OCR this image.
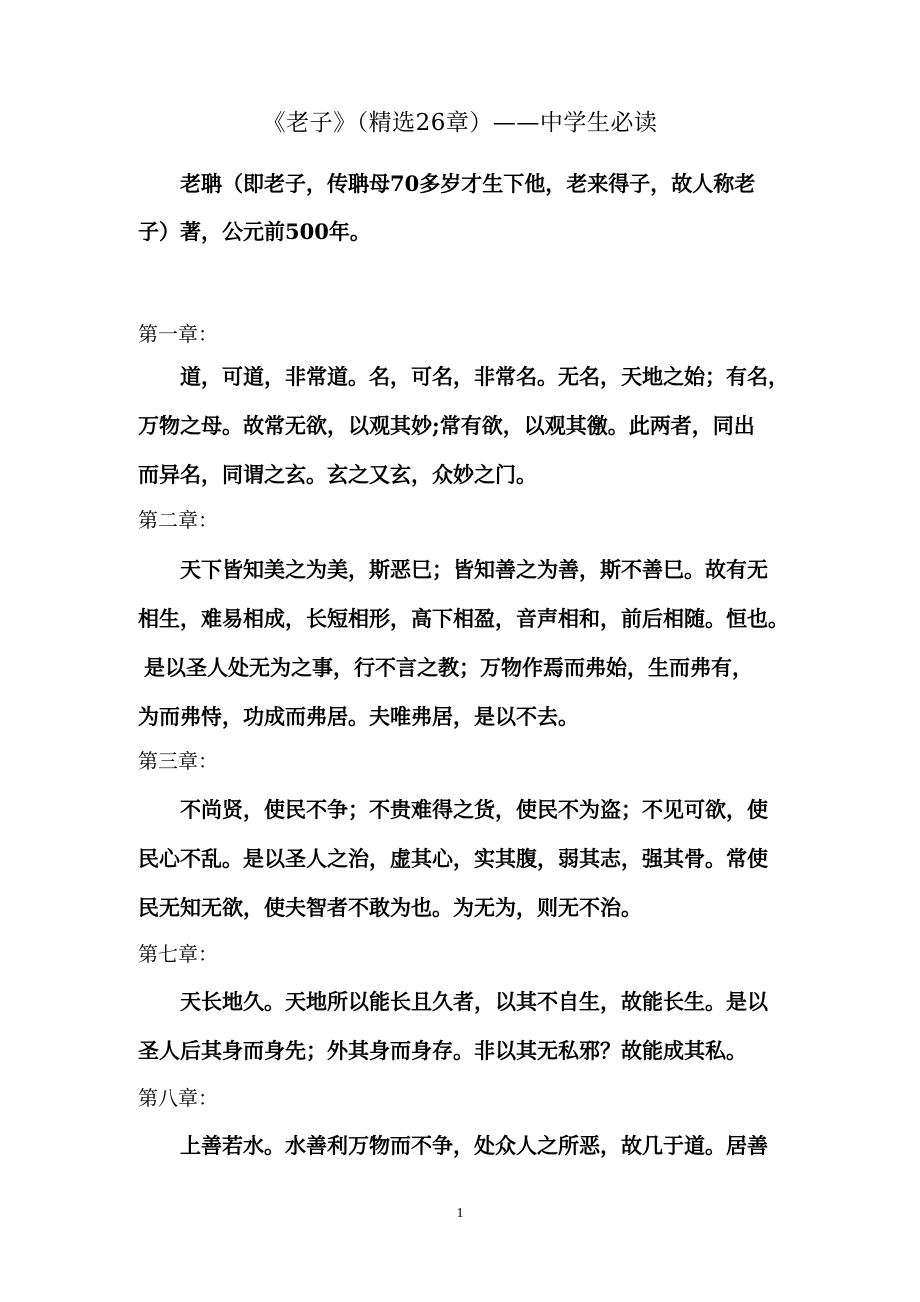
《老子》（精选26章）——中学生必读
老聃（即老子，传聃母70多岁才生下他，老来得子，故人称老
子）著，公元前500年。
第一章：
道，可道，非常道。名，可名，非常名。无名，天地之始；有名，
万物之母。故常无欲，以观其妙;常有欲，以观其徼。此两者，同出
而异名，同谓之玄。玄之又玄，众妙之门。
第二章：
天下皆知美之为美，斯恶巳；皆知善之为善，斯不善巳。故有无
相生，难易相成，长短相形，高下相盈，音声相和，前后相随。恒也。
是以圣人处无为之事，行不言之教；万物作焉而弗始，生而弗有，
为而弗恃，功成而弗居。夫唯弗居，是以不去。
第三章：
不尚贤，使民不争；不贵难得之货，使民不为盗；不见可欲，使
民心不乱。是以圣人之治，虚其心，实其腹，弱其志，强其骨。常使
民无知无欲，使夫智者不敢为也。为无为，则无不治。
第七章：
天长地久。天地所以能长且久者，以其不自生，故能长生。是以
圣人后其身而身先；外其身而身存。非以其无私邪？故能成其私。
第八章：
上善若水。水善利万物而不争，处众人之所恶，故几于道。居善
1
